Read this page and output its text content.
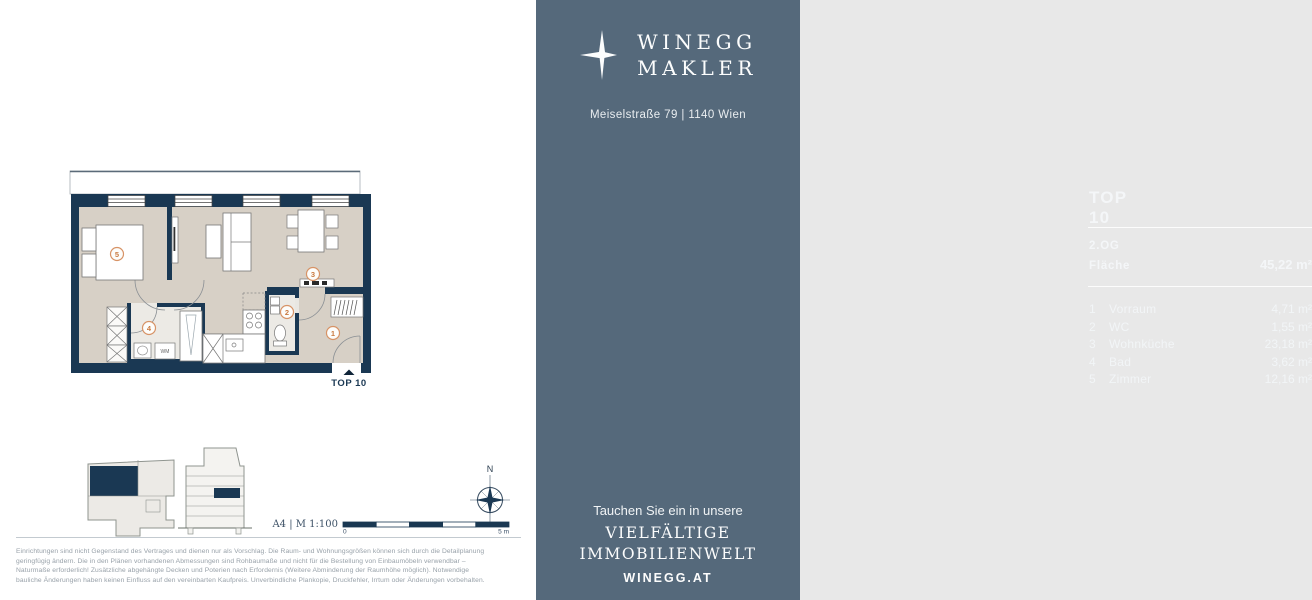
WM
5
3
4
2
1
TOP 10
N
A4 | M 1:100
0	5 m
Einrichtungen sind nicht Gegenstand des Vertrages und dienen nur als Vorschlag. Die Raum- und Wohnungsgrößen können sich durch die Detailplanung
geringfügig ändern. Die in den Plänen vorhandenen Abmessungen sind Rohbaumaße und nicht für die Bestellung von Einbaumöbeln verwendbar –
Naturmaße erforderlich! Zusätzliche abgehängte Decken und Poterien nach Erfordernis (Weitere Abminderung der Raumhöhe möglich). Notwendige
bauliche Änderungen haben keinen Einfluss auf den vereinbarten Kaufpreis. Unverbindliche Plankopie, Druckfehler, Irrtum oder Änderungen vorbehalten.
WINEGG
MAKLER
Meiselstraße 79 | 1140 Wien
TOP 10
2.OG
Fläche	45,22 m²
1	Vorraum	4,71 m²
2	WC	1,55 m²
3	Wohnküche	23,18 m²
4	Bad	3,62 m²
5	Zimmer	12,16 m²
Tauchen Sie ein in unsere
VIELFÄLTIGE
IMMOBILIENWELT
WINEGG.AT
